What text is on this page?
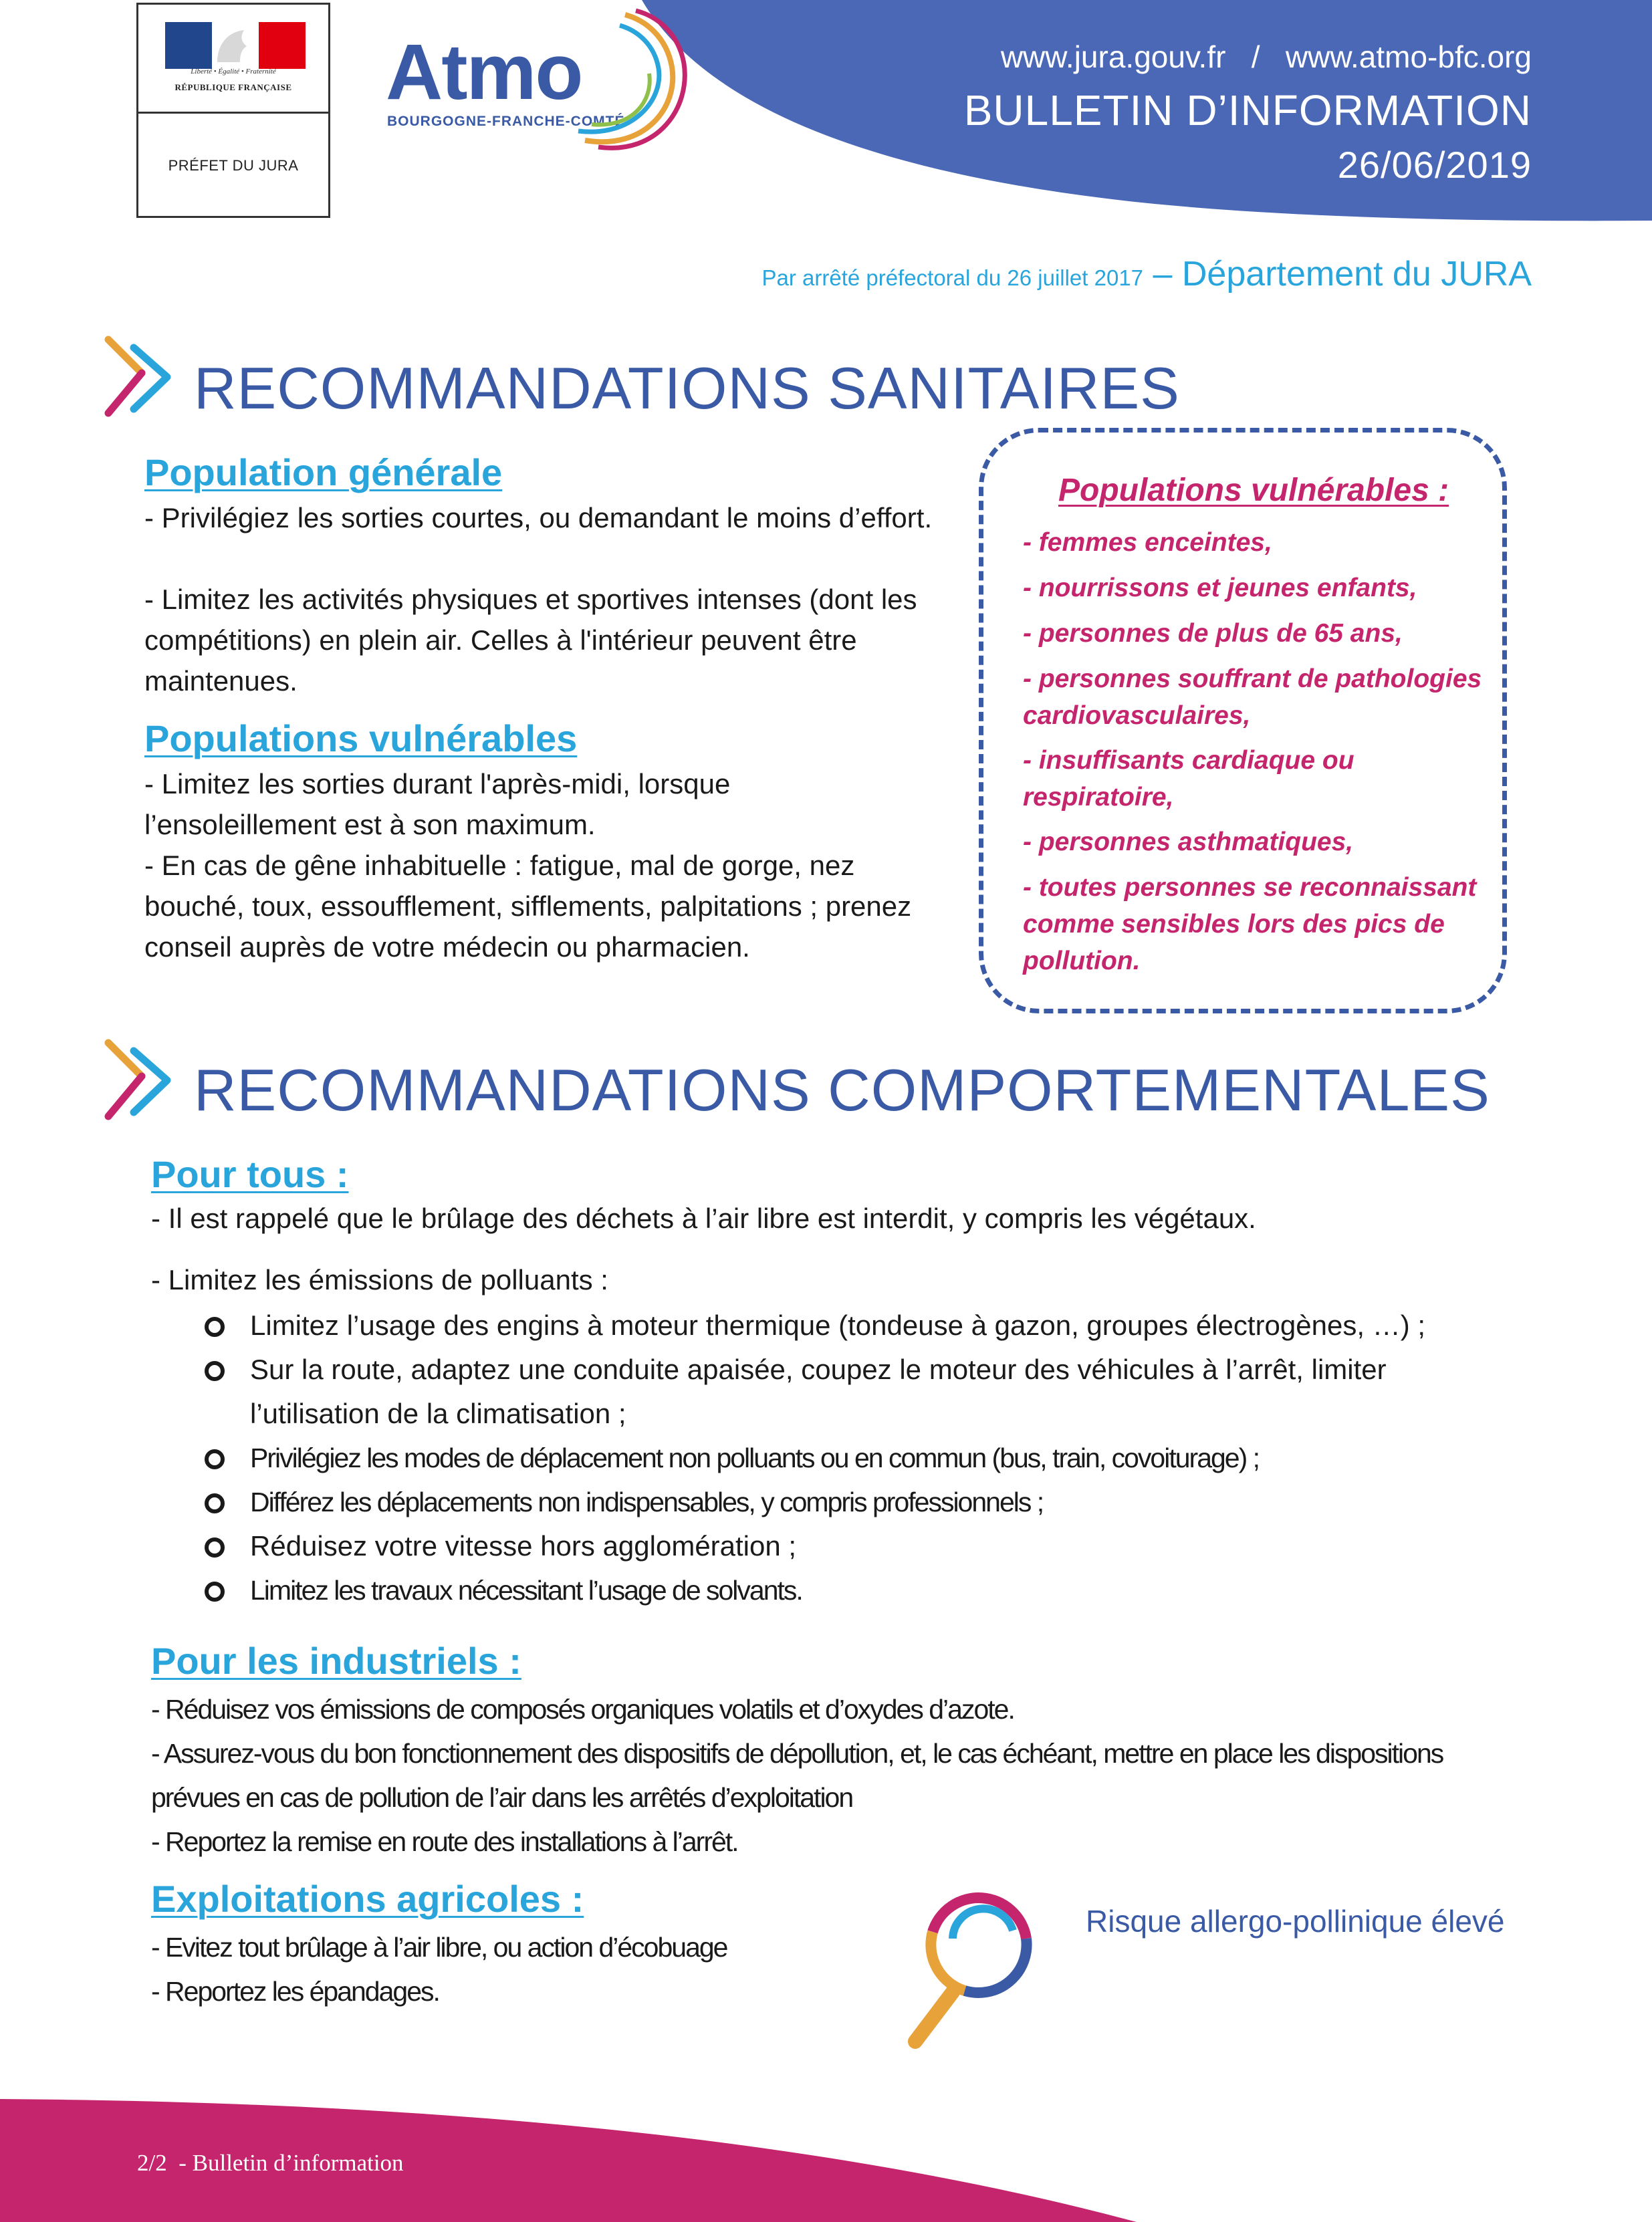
Liberté • Égalité • Fraternité
RÉPUBLIQUE FRANÇAISE
PRÉFET DU JURA
Atmo
BOURGOGNE-FRANCHE-COMTÉ
www.jura.gouv.fr   /   www.atmo-bfc.org
BULLETIN D’INFORMATION
26/06/2019
Par arrêté préfectoral du 26 juillet 2017 – Département du JURA
RECOMMANDATIONS SANITAIRES
Population générale
- Privilégiez les sorties courtes, ou demandant le moins d’effort.
- Limitez les activités physiques et sportives intenses (dont les compétitions) en plein air. Celles à l'intérieur peuvent être maintenues.
Populations vulnérables
- Limitez les sorties durant l'après-midi, lorsque l’ensoleillement est à son maximum.
- En cas de gêne inhabituelle : fatigue, mal de gorge, nez bouché, toux, essoufflement, sifflements, palpitations ; prenez conseil auprès de votre médecin ou pharmacien.
Populations vulnérables :
- femmes enceintes,
- nourrissons et jeunes enfants,
- personnes de plus de 65 ans,
- personnes souffrant de pathologies cardiovasculaires,
- insuffisants cardiaque ou respiratoire,
- personnes asthmatiques,
- toutes personnes se reconnaissant comme sensibles lors des pics de pollution.
RECOMMANDATIONS COMPORTEMENTALES
Pour tous :
- Il est rappelé que le brûlage des déchets à l’air libre est interdit, y compris les végétaux.
- Limitez les émissions de polluants :
Limitez l’usage des engins à moteur thermique (tondeuse à gazon, groupes électrogènes, …) ;
Sur la route, adaptez une conduite apaisée, coupez le moteur des véhicules à l’arrêt, limiter l’utilisation de la climatisation ;
Privilégiez les modes de déplacement non polluants ou en commun (bus, train, covoiturage) ;
Différez les déplacements non indispensables, y compris professionnels ;
Réduisez votre vitesse hors agglomération ;
Limitez les travaux nécessitant l’usage de solvants.
Pour les industriels :
- Réduisez vos émissions de composés organiques volatils et d’oxydes d’azote.
- Assurez-vous du bon fonctionnement des dispositifs de dépollution, et, le cas échéant, mettre en place les dispositions prévues en cas de pollution de l’air dans les arrêtés d’exploitation
- Reportez la remise en route des installations à l’arrêt.
Exploitations agricoles :
- Evitez tout brûlage à l’air libre, ou action d’écobuage
- Reportez les épandages.
Risque allergo-pollinique élevé
2/2  - Bulletin d’information
